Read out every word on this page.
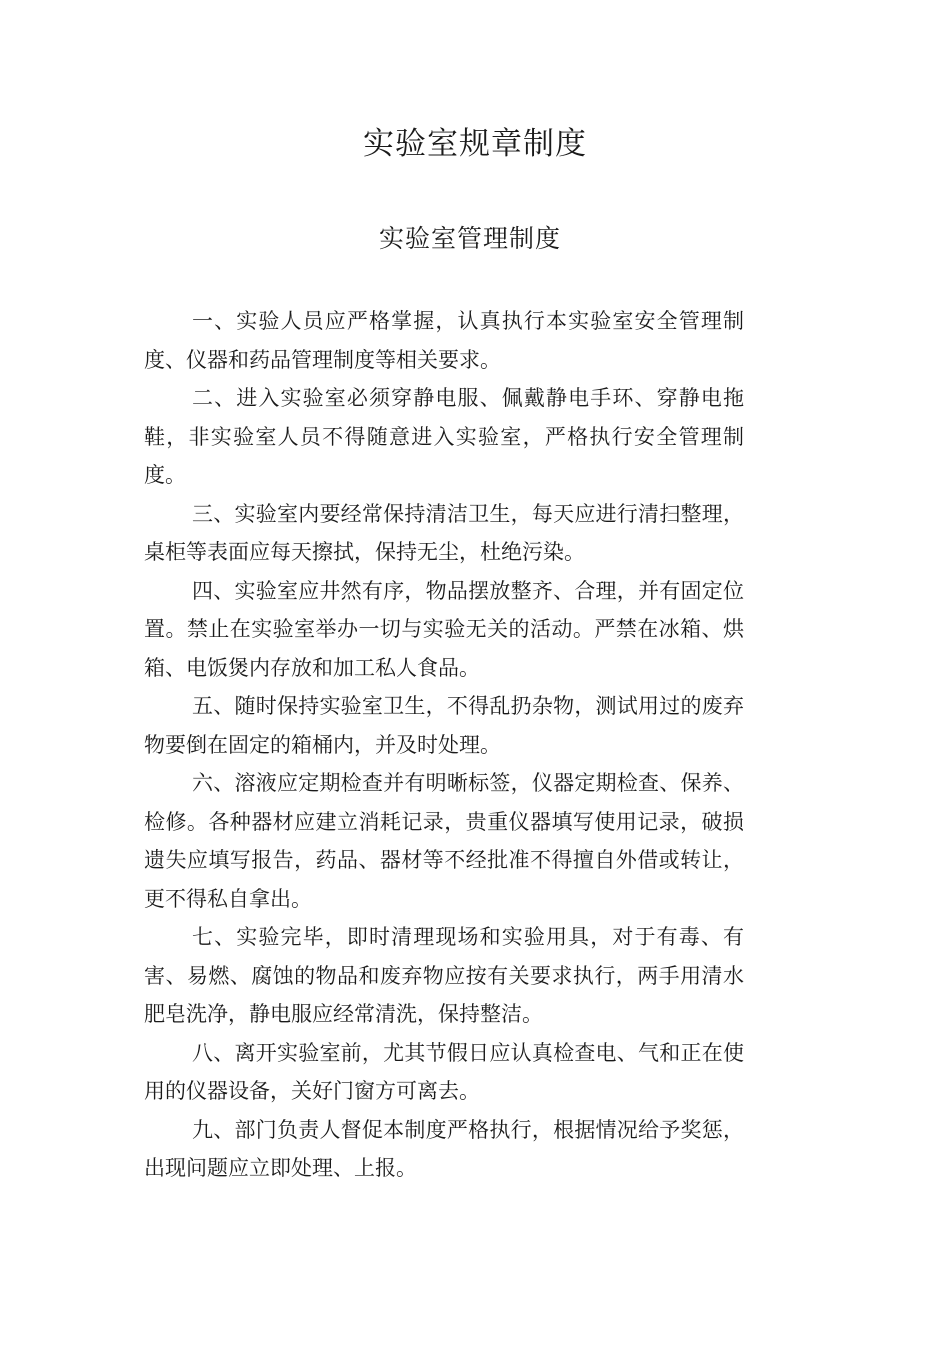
实验室规章制度
实验室管理制度

一、实验人员应严格掌握，认真执行本实验室安全管理制度、仪器和药品管理制度等相关要求。

二、进入实验室必须穿静电服、佩戴静电手环、穿静电拖鞋，非实验室人员不得随意进入实验室，严格执行安全管理制度。

三、实验室内要经常保持清洁卫生，每天应进行清扫整理，桌柜等表面应每天擦拭，保持无尘，杜绝污染。

四、实验室应井然有序，物品摆放整齐、合理，并有固定位置。禁止在实验室举办一切与实验无关的活动。严禁在冰箱、烘箱、电饭煲内存放和加工私人食品。

五、随时保持实验室卫生，不得乱扔杂物，测试用过的废弃物要倒在固定的箱桶内，并及时处理。

六、溶液应定期检查并有明晰标签，仪器定期检查、保养、检修。各种器材应建立消耗记录，贵重仪器填写使用记录，破损遗失应填写报告，药品、器材等不经批准不得擅自外借或转让，更不得私自拿出。

七、实验完毕，即时清理现场和实验用具，对于有毒、有害、易燃、腐蚀的物品和废弃物应按有关要求执行，两手用清水肥皂洗净，静电服应经常清洗，保持整洁。

八、离开实验室前，尤其节假日应认真检查电、气和正在使用的仪器设备，关好门窗方可离去。

九、部门负责人督促本制度严格执行，根据情况给予奖惩，出现问题应立即处理、上报。
